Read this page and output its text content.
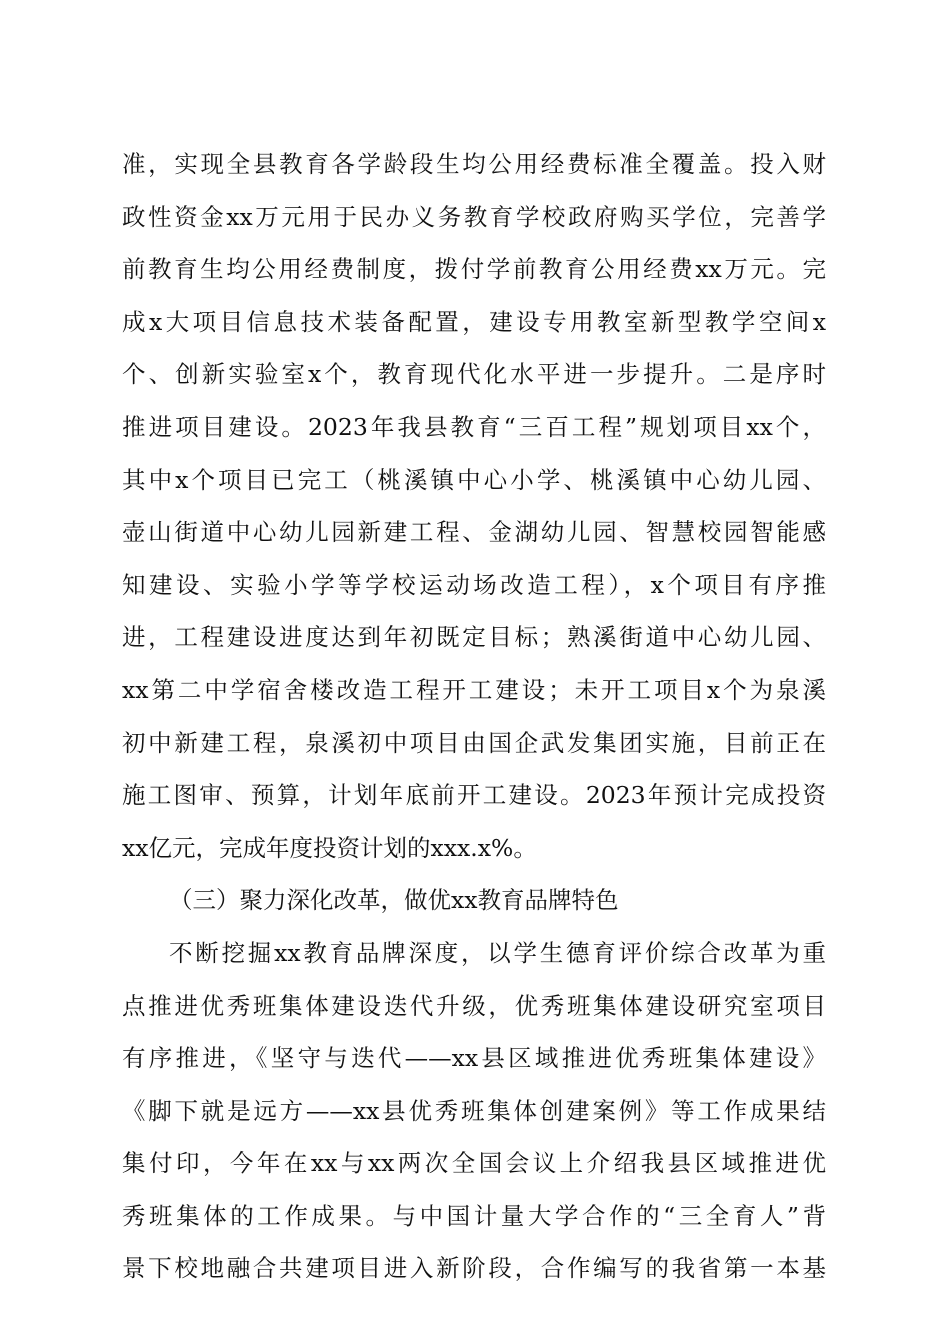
准，实现全县教育各学龄段生均公用经费标准全覆盖。投入财
政性资金xx万元用于民办义务教育学校政府购买学位，完善学
前教育生均公用经费制度，拨付学前教育公用经费xx万元。完
成x大项目信息技术装备配置，建设专用教室新型教学空间x
个、创新实验室x个，教育现代化水平进一步提升。二是序时
推进项目建设。2023年我县教育“三百工程”规划项目xx个，
其中x个项目已完工（桃溪镇中心小学、桃溪镇中心幼儿园、
壶山街道中心幼儿园新建工程、金湖幼儿园、智慧校园智能感
知建设、实验小学等学校运动场改造工程），x个项目有序推
进，工程建设进度达到年初既定目标；熟溪街道中心幼儿园、
xx第二中学宿舍楼改造工程开工建设；未开工项目x个为泉溪
初中新建工程，泉溪初中项目由国企武发集团实施，目前正在
施工图审、预算，计划年底前开工建设。2023年预计完成投资
xx亿元，完成年度投资计划的xxx.x%。
（三）聚力深化改革，做优xx教育品牌特色
不断挖掘xx教育品牌深度，以学生德育评价综合改革为重
点推进优秀班集体建设迭代升级，优秀班集体建设研究室项目
有序推进，《坚守与迭代——xx县区域推进优秀班集体建设》
《脚下就是远方——xx县优秀班集体创建案例》等工作成果结
集付印，今年在xx与xx两次全国会议上介绍我县区域推进优
秀班集体的工作成果。与中国计量大学合作的“三全育人”背
景下校地融合共建项目进入新阶段，合作编写的我省第一本基
